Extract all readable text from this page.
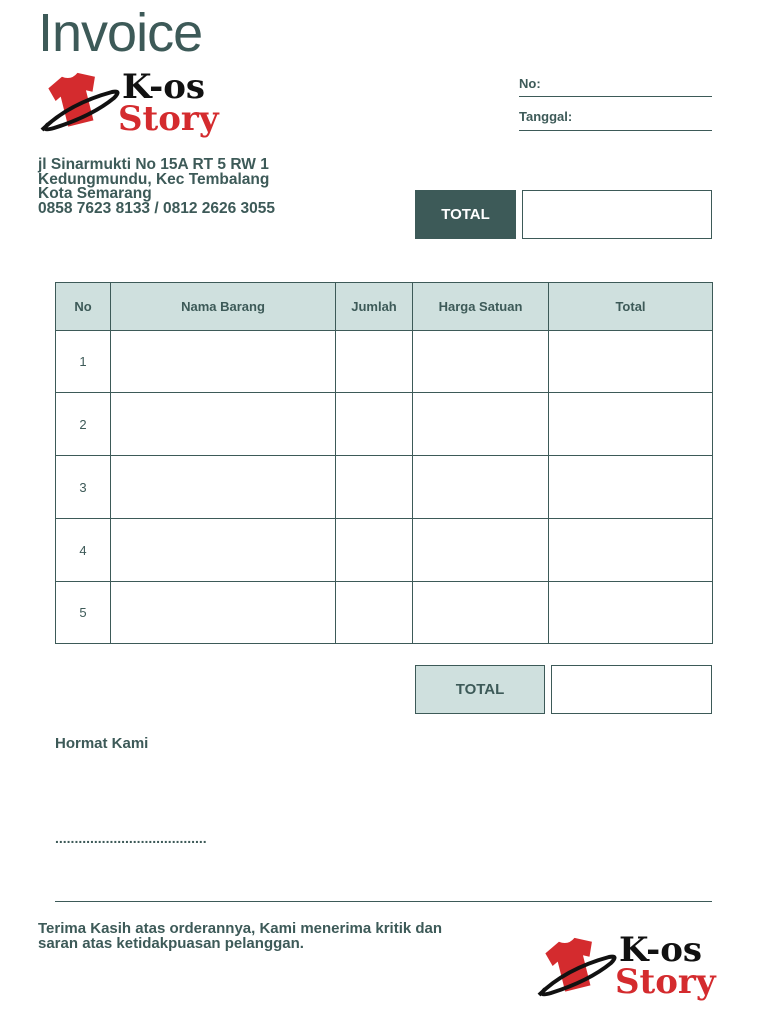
Invoice
K-os
Story
No:
Tanggal:
jl Sinarmukti No 15A RT 5 RW 1
Kedungmundu, Kec Tembalang
Kota Semarang
0858 7623 8133 / 0812 2626 3055	TOTAL
No	Nama Barang	Jumlah	Harga Satuan	Total
1				
2				
3				
4				
5				
TOTAL
Hormat Kami
.......................................
Terima Kasih atas orderannya, Kami menerima kritik dan saran atas ketidakpuasan pelanggan.	K-os
Story
